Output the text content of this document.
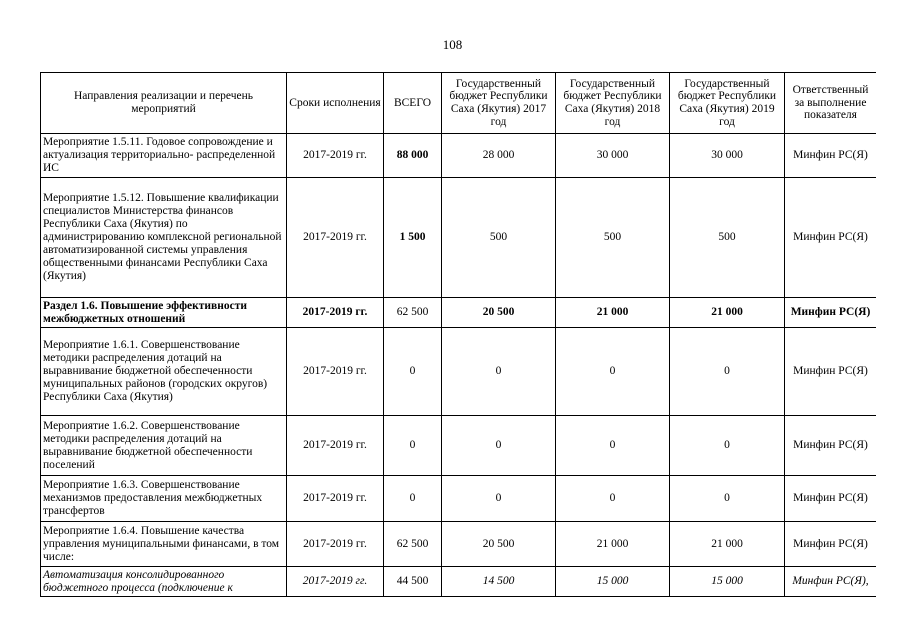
108
Направления реализации и перечень мероприятий	Сроки исполнения	ВСЕГО	Государственный бюджет Республики Саха (Якутия) 2017 год	Государственный бюджет Республики Саха (Якутия) 2018 год	Государственный бюджет Республики Саха (Якутия) 2019 год	Ответственный за выполнение показателя
Мероприятие 1.5.11. Годовое сопровождение и актуализация территориально- распределенной ИС	2017-2019 гг.	88 000	28 000	30 000	30 000	Минфин РС(Я)
Мероприятие 1.5.12. Повышение квалификации специалистов Министерства финансов Республики Саха (Якутия) по администрированию комплексной региональной автоматизированной системы управления общественными финансами Республики Саха (Якутия)	2017-2019 гг.	1 500	500	500	500	Минфин РС(Я)
Раздел 1.6. Повышение эффективности межбюджетных отношений	2017-2019 гг.	62 500	20 500	21 000	21 000	Минфин РС(Я)
Мероприятие 1.6.1. Совершенствование методики распределения дотаций на выравнивание бюджетной обеспеченности муниципальных районов (городских округов) Республики Саха (Якутия)	2017-2019 гг.	0	0	0	0	Минфин РС(Я)
Мероприятие 1.6.2. Совершенствование методики распределения дотаций на выравнивание бюджетной обеспеченности поселений	2017-2019 гг.	0	0	0	0	Минфин РС(Я)
Мероприятие 1.6.3. Совершенствование механизмов предоставления межбюджетных трансфертов	2017-2019 гг.	0	0	0	0	Минфин РС(Я)
Мероприятие 1.6.4. Повышение качества управления муниципальными финансами, в том числе:	2017-2019 гг.	62 500	20 500	21 000	21 000	Минфин РС(Я)
Автоматизация консолидированного бюджетного процесса (подключение к	2017-2019 гг.	44 500	14 500	15 000	15 000	Минфин РС(Я),
